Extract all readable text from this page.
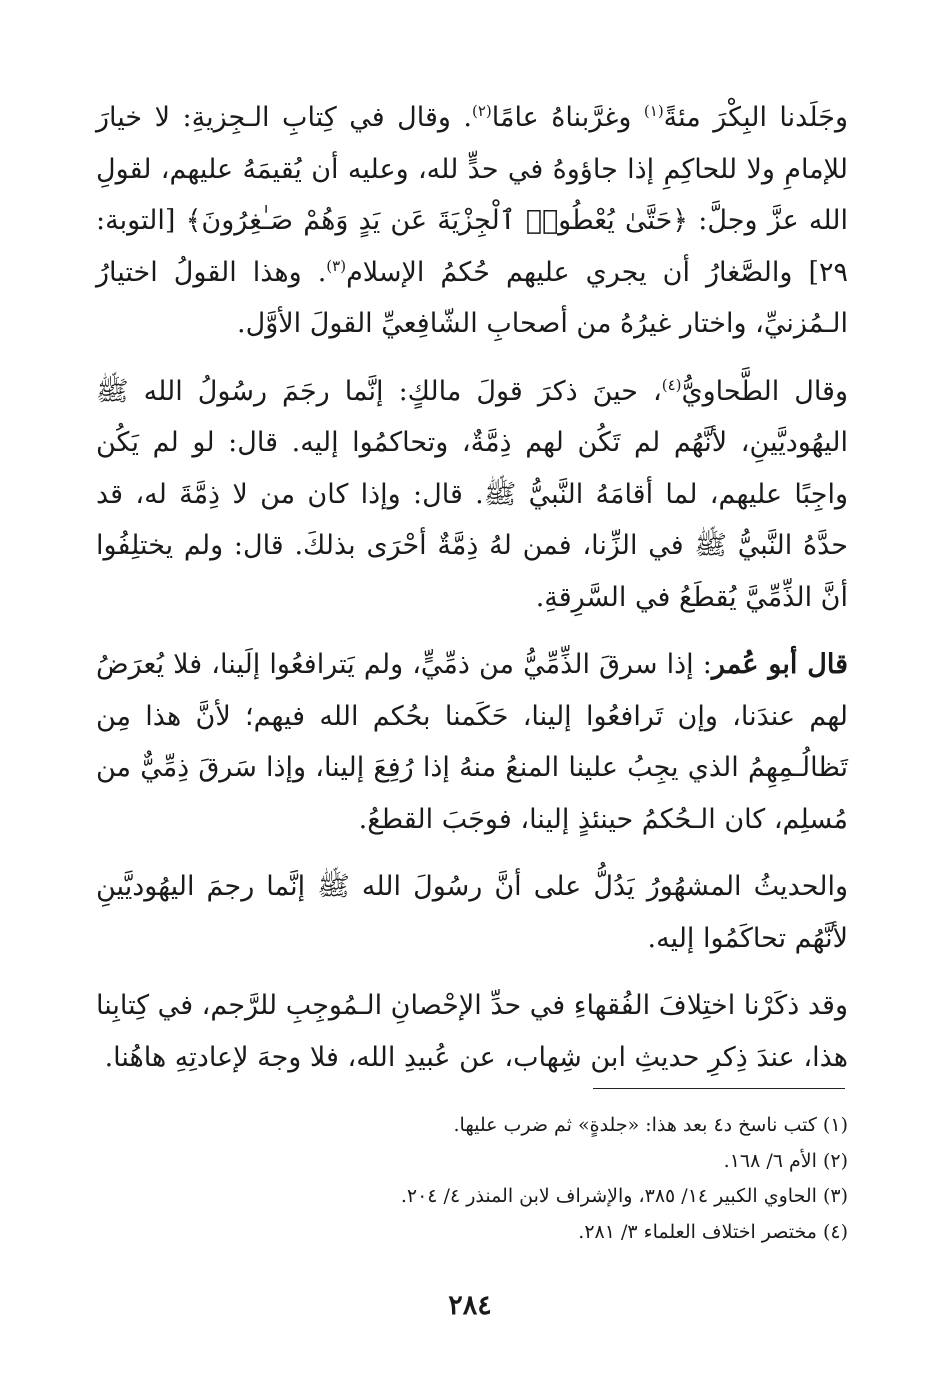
وجَلَدنا البِكْرَ مئةً$^{(١)}$ وغرَّبناهُ عامًا$^{(٢)}$. وقال في كِتابِ الـجِزيةِ: لا خيارَ للإمامِ ولا للحاكِمِ إذا جاؤوهُ في حدٍّ لله، وعليه أن يُقيمَهُ عليهم، لقولِ الله عزَّ وجلَّ: ﴿حَتَّىٰ يُعْطُوا۟ ٱلْجِزْيَةَ عَن يَدٍ وَهُمْ صَـٰغِرُونَ﴾ [التوبة: ٢٩] والصَّغارُ أن يجري عليهم حُكمُ الإسلام$^{(٣)}$. وهذا القولُ اختيارُ الـمُزنيِّ، واختار غيرُهُ من أصحابِ الشّافِعيِّ القولَ الأوَّل.

وقال الطَّحاويُّ$^{(٤)}$، حينَ ذكرَ قولَ مالكٍ: إنَّما رجَمَ رسُولُ الله ﷺ اليهُوديَّينِ، لأنَّهُم لم تَكُن لهم ذِمَّةٌ، وتحاكمُوا إليه. قال: لو لم يَكُن واجِبًا عليهم، لما أقامَهُ النَّبيُّ ﷺ. قال: وإذا كان من لا ذِمَّةَ له، قد حدَّهُ النَّبيُّ ﷺ في الزِّنا، فمن لهُ ذِمَّةٌ أحْرَى بذلكَ. قال: ولم يختلِفُوا أنَّ الذِّمِّيَّ يُقطَعُ في السَّرِقةِ.

قال أبو عُمر: إذا سرقَ الذِّمِّيُّ من ذمِّيٍّ، ولم يَترافعُوا إلَينا، فلا يُعرَضُ لهم عندَنا، وإن تَرافعُوا إلينا، حَكَمنا بحُكم الله فيهم؛ لأنَّ هذا مِن تَظالُـمِهِمُ الذي يجِبُ علينا المنعُ منهُ إذا رُفِعَ إلينا، وإذا سَرقَ ذِمِّيٌّ من مُسلِم، كان الـحُكمُ حينئذٍ إلينا، فوجَبَ القطعُ.

والحديثُ المشهُورُ يَدُلُّ على أنَّ رسُولَ الله ﷺ إنَّما رجمَ اليهُوديَّينِ لأنَّهُم تحاكَمُوا إليه.

وقد ذكَرْنا اختِلافَ الفُقهاءِ في حدِّ الإحْصانِ الـمُوجِبِ للرَّجم، في كِتابِنا هذا، عندَ ذِكرِ حديثِ ابن شِهاب، عن عُبيدِ الله، فلا وجهَ لإعادتِهِ هاهُنا.

(١) كتب ناسخ د٤ بعد هذا: «جلدةٍ» ثم ضرب عليها.

(٢) الأم ٦/ ١٦٨.

(٣) الحاوي الكبير ١٤/ ٣٨٥، والإشراف لابن المنذر ٤/ ٢٠٤.

(٤) مختصر اختلاف العلماء ٣/ ٢٨١.

٢٨٤
